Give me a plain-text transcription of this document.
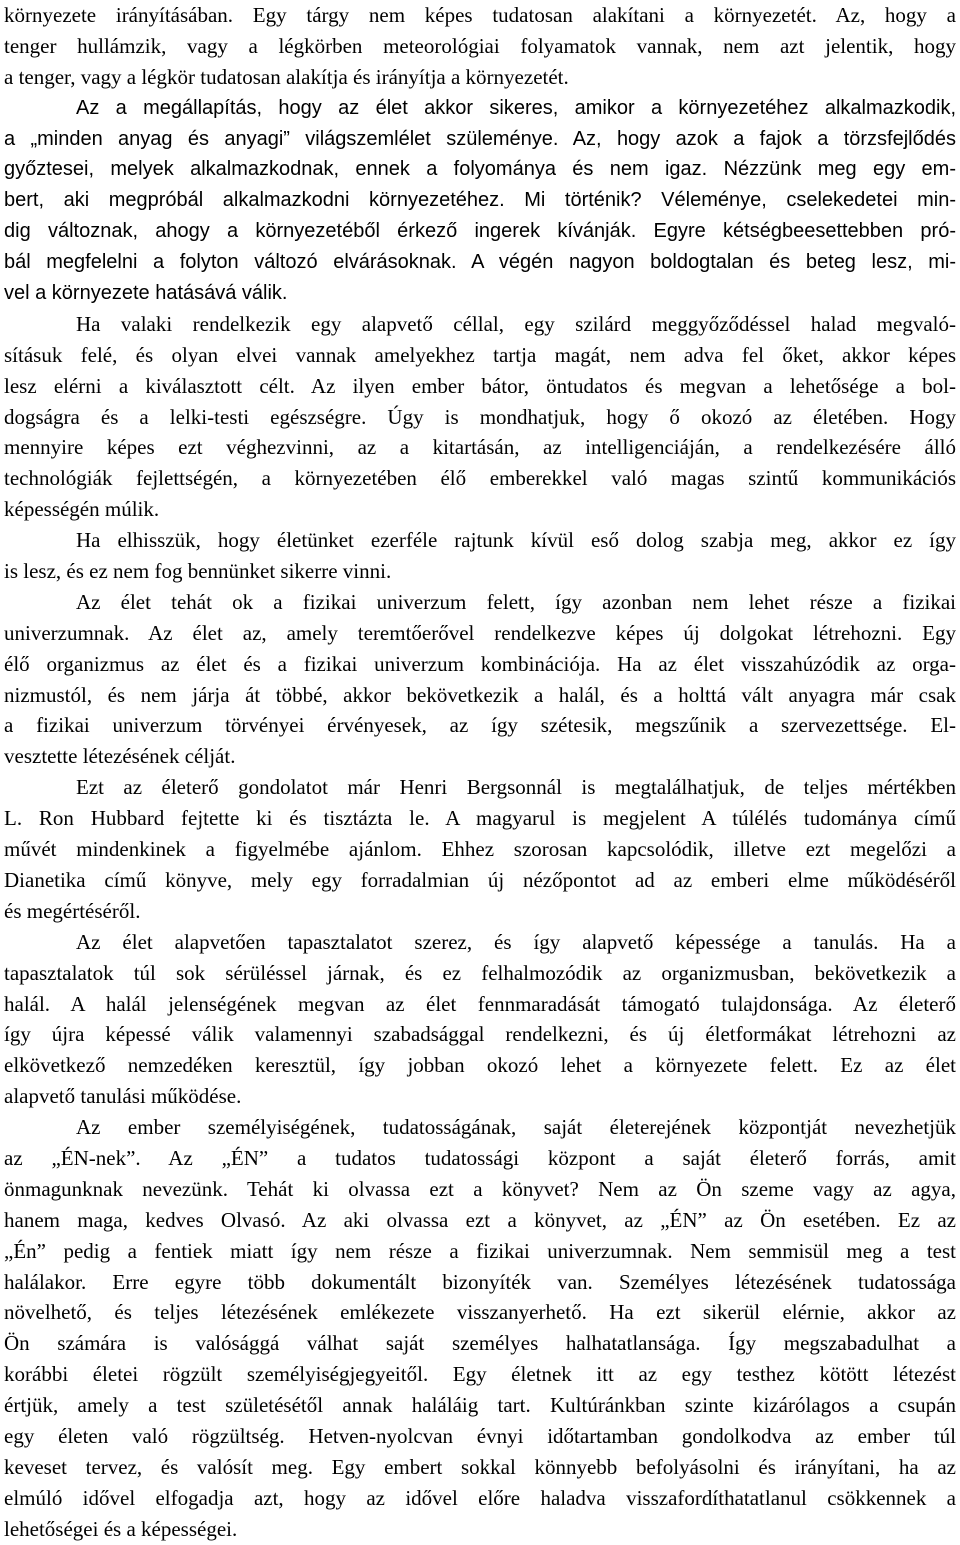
környezete irányításában. Egy tárgy nem képes tudatosan alakítani a környezetét. Az, hogy a
tenger hullámzik, vagy a légkörben meteorológiai folyamatok vannak, nem azt jelentik, hogy
a tenger, vagy a légkör tudatosan alakítja és irányítja a környezetét.
Az a megállapítás, hogy az élet akkor sikeres, amikor a környezetéhez alkalmazkodik,
a „minden anyag és anyagi” világszemlélet szüleménye. Az, hogy azok a fajok a törzsfejlődés
győztesei, melyek alkalmazkodnak, ennek a folyománya és nem igaz. Nézzünk meg egy em-
bert, aki megpróbál alkalmazkodni környezetéhez. Mi történik? Véleménye, cselekedetei min-
dig változnak, ahogy a környezetéből érkező ingerek kívánják. Egyre kétségbeesettebben pró-
bál megfelelni a folyton változó elvárásoknak. A végén nagyon boldogtalan és beteg lesz, mi-
vel a környezete hatásává válik.
Ha valaki rendelkezik egy alapvető céllal, egy szilárd meggyőződéssel halad megvaló-
sításuk felé, és olyan elvei vannak amelyekhez tartja magát, nem adva fel őket, akkor képes
lesz elérni a kiválasztott célt. Az ilyen ember bátor, öntudatos és megvan a lehetősége a bol-
dogságra és a lelki-testi egészségre. Úgy is mondhatjuk, hogy ő okozó az életében. Hogy
mennyire képes ezt véghezvinni, az a kitartásán, az intelligenciáján, a rendelkezésére álló
technológiák fejlettségén, a környezetében élő emberekkel való magas szintű kommunikációs
képességén múlik.
Ha elhisszük, hogy életünket ezerféle rajtunk kívül eső dolog szabja meg, akkor ez így
is lesz, és ez nem fog bennünket sikerre vinni.
Az élet tehát ok a fizikai univerzum felett, így azonban nem lehet része a fizikai
univerzumnak. Az élet az, amely teremtőerővel rendelkezve képes új dolgokat létrehozni. Egy
élő organizmus az élet és a fizikai univerzum kombinációja. Ha az élet visszahúzódik az orga-
nizmustól, és nem járja át többé, akkor bekövetkezik a halál, és a holttá vált anyagra már csak
a fizikai univerzum törvényei érvényesek, az így szétesik, megszűnik a szervezettsége. El-
vesztette létezésének célját.
Ezt az életerő gondolatot már Henri Bergsonnál is megtalálhatjuk, de teljes mértékben
L. Ron Hubbard fejtette ki és tisztázta le. A magyarul is megjelent A túlélés tudománya című
művét mindenkinek a figyelmébe ajánlom. Ehhez szorosan kapcsolódik, illetve ezt megelőzi a
Dianetika című könyve, mely egy forradalmian új nézőpontot ad az emberi elme működéséről
és megértéséről.
Az élet alapvetően tapasztalatot szerez, és így alapvető képessége a tanulás. Ha a
tapasztalatok túl sok sérüléssel járnak, és ez felhalmozódik az organizmusban, bekövetkezik a
halál. A halál jelenségének megvan az élet fennmaradását támogató tulajdonsága. Az életerő
így újra képessé válik valamennyi szabadsággal rendelkezni, és új életformákat létrehozni az
elkövetkező nemzedéken keresztül, így jobban okozó lehet a környezete felett. Ez az élet
alapvető tanulási működése.
Az ember személyiségének, tudatosságának, saját életerejének központját nevezhetjük
az „ÉN-nek”. Az „ÉN” a tudatos tudatossági központ a saját életerő forrás, amit
önmagunknak nevezünk. Tehát ki olvassa ezt a könyvet? Nem az Ön szeme vagy az agya,
hanem maga, kedves Olvasó. Az aki olvassa ezt a könyvet, az „ÉN” az Ön esetében. Ez az
„Én” pedig a fentiek miatt így nem része a fizikai univerzumnak. Nem semmisül meg a test
halálakor. Erre egyre több dokumentált bizonyíték van. Személyes létezésének tudatossága
növelhető, és teljes létezésének emlékezete visszanyerhető. Ha ezt sikerül elérnie, akkor az
Ön számára is valósággá válhat saját személyes halhatatlansága. Így megszabadulhat a
korábbi életei rögzült személyiségjegyeitől. Egy életnek itt az egy testhez kötött létezést
értjük, amely a test születésétől annak haláláig tart. Kultúránkban szinte kizárólagos a csupán
egy életen való rögzültség. Hetven-nyolcvan évnyi időtartamban gondolkodva az ember túl
keveset tervez, és valósít meg. Egy embert sokkal könnyebb befolyásolni és irányítani, ha az
elmúló idővel elfogadja azt, hogy az idővel előre haladva visszafordíthatatlanul csökkennek a
lehetőségei és a képességei.
